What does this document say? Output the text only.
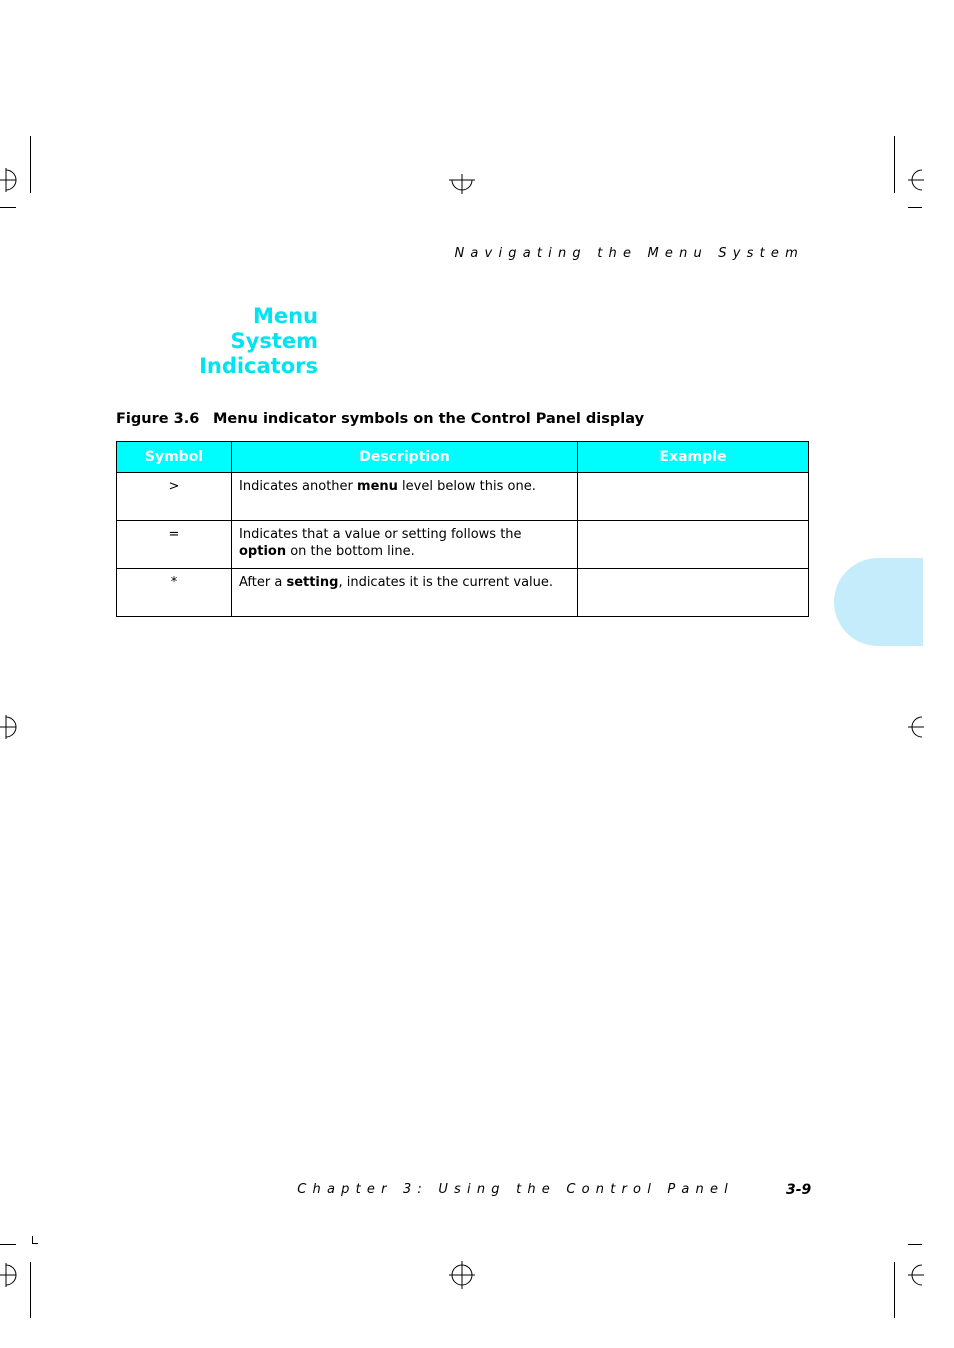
Navigating the Menu System
Menu System
Indicators
Figure 3.6 Menu indicator symbols on the Control Panel display
Symbol	Description	Example
>	Indicates another menu level below this one.	
=	Indicates that a value or setting follows the option on the bottom line.	
*	After a setting, indicates it is the current value.	
Chapter 3: Using the Control Panel	3-9
